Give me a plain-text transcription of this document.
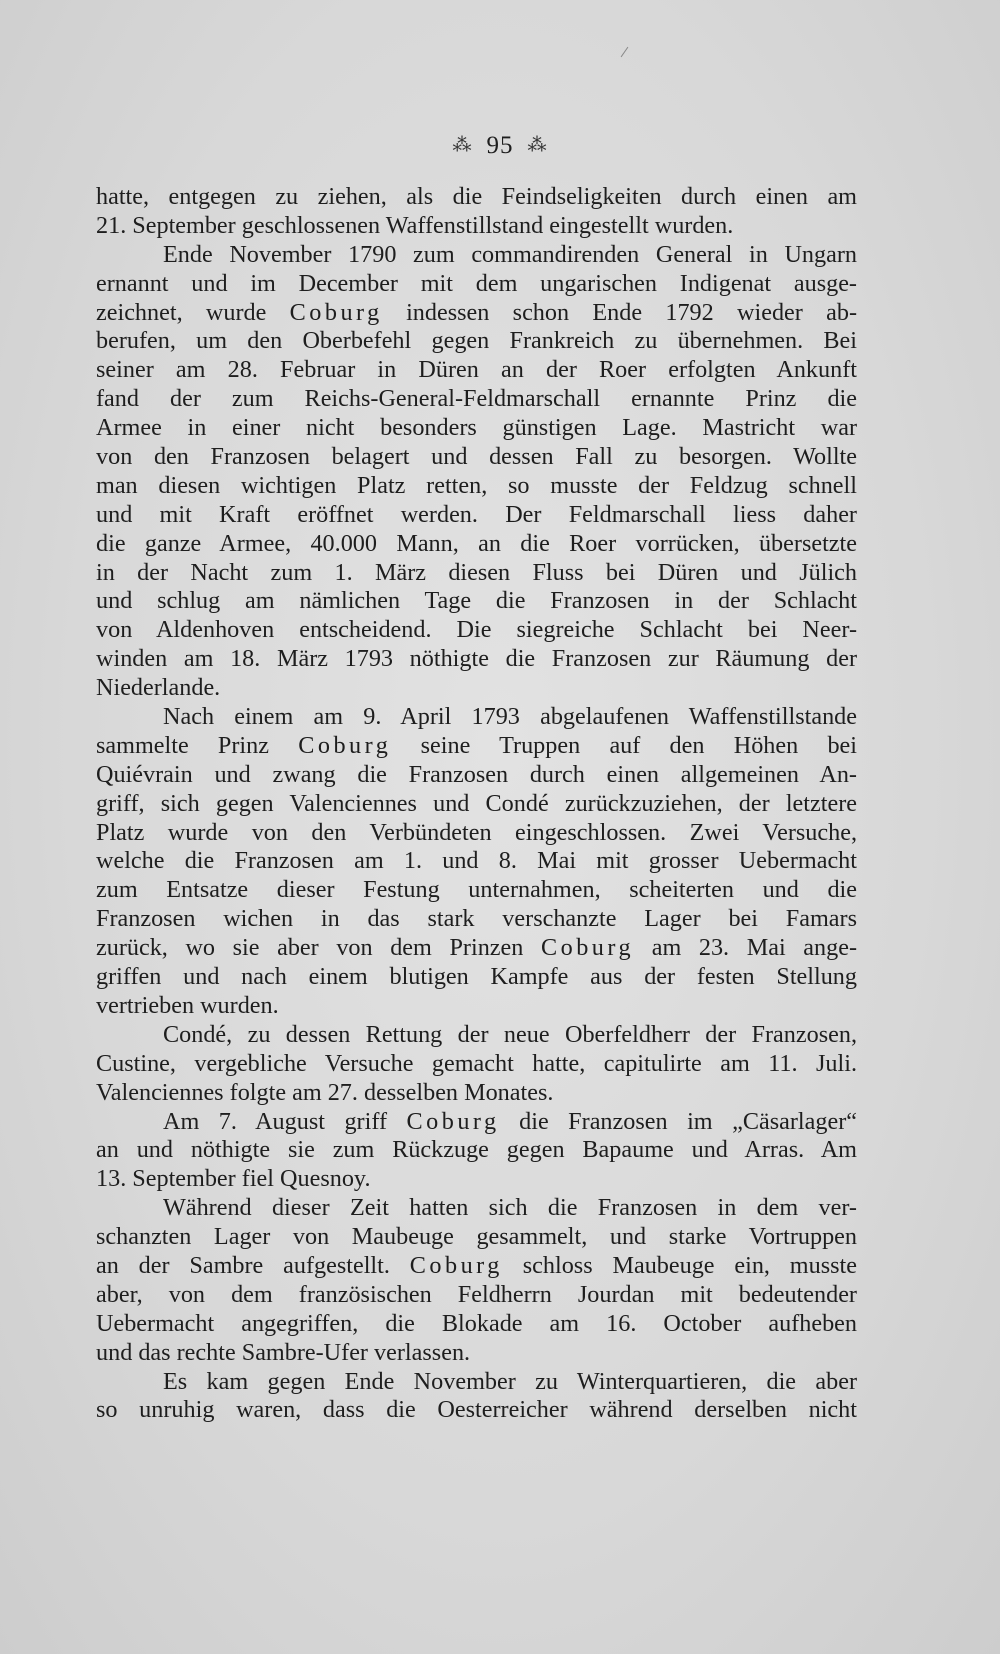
⁂ 95 ⁂
hatte, entgegen zu ziehen, als die Feindseligkeiten durch einen am
21. September geschlossenen Waffenstillstand eingestellt wurden.
Ende November 1790 zum commandirenden General in Ungarn
ernannt und im December mit dem ungarischen Indigenat ausge-
zeichnet, wurde Coburg indessen schon Ende 1792 wieder ab-
berufen, um den Oberbefehl gegen Frankreich zu übernehmen. Bei
seiner am 28. Februar in Düren an der Roer erfolgten Ankunft
fand der zum Reichs-General-Feldmarschall ernannte Prinz die
Armee in einer nicht besonders günstigen Lage. Mastricht war
von den Franzosen belagert und dessen Fall zu besorgen. Wollte
man diesen wichtigen Platz retten, so musste der Feldzug schnell
und mit Kraft eröffnet werden. Der Feldmarschall liess daher
die ganze Armee, 40.000 Mann, an die Roer vorrücken, übersetzte
in der Nacht zum 1. März diesen Fluss bei Düren und Jülich
und schlug am nämlichen Tage die Franzosen in der Schlacht
von Aldenhoven entscheidend. Die siegreiche Schlacht bei Neer-
winden am 18. März 1793 nöthigte die Franzosen zur Räumung der
Niederlande.
Nach einem am 9. April 1793 abgelaufenen Waffenstillstande
sammelte Prinz Coburg seine Truppen auf den Höhen bei
Quiévrain und zwang die Franzosen durch einen allgemeinen An-
griff, sich gegen Valenciennes und Condé zurückzuziehen, der letztere
Platz wurde von den Verbündeten eingeschlossen. Zwei Versuche,
welche die Franzosen am 1. und 8. Mai mit grosser Uebermacht
zum Entsatze dieser Festung unternahmen, scheiterten und die
Franzosen wichen in das stark verschanzte Lager bei Famars
zurück, wo sie aber von dem Prinzen Coburg am 23. Mai ange-
griffen und nach einem blutigen Kampfe aus der festen Stellung
vertrieben wurden.
Condé, zu dessen Rettung der neue Oberfeldherr der Franzosen,
Custine, vergebliche Versuche gemacht hatte, capitulirte am 11. Juli.
Valenciennes folgte am 27. desselben Monates.
Am 7. August griff Coburg die Franzosen im „Cäsarlager“
an und nöthigte sie zum Rückzuge gegen Bapaume und Arras. Am
13. September fiel Quesnoy.
Während dieser Zeit hatten sich die Franzosen in dem ver-
schanzten Lager von Maubeuge gesammelt, und starke Vortruppen
an der Sambre aufgestellt. Coburg schloss Maubeuge ein, musste
aber, von dem französischen Feldherrn Jourdan mit bedeutender
Uebermacht angegriffen, die Blokade am 16. October aufheben
und das rechte Sambre-Ufer verlassen.
Es kam gegen Ende November zu Winterquartieren, die aber
so unruhig waren, dass die Oesterreicher während derselben nicht
